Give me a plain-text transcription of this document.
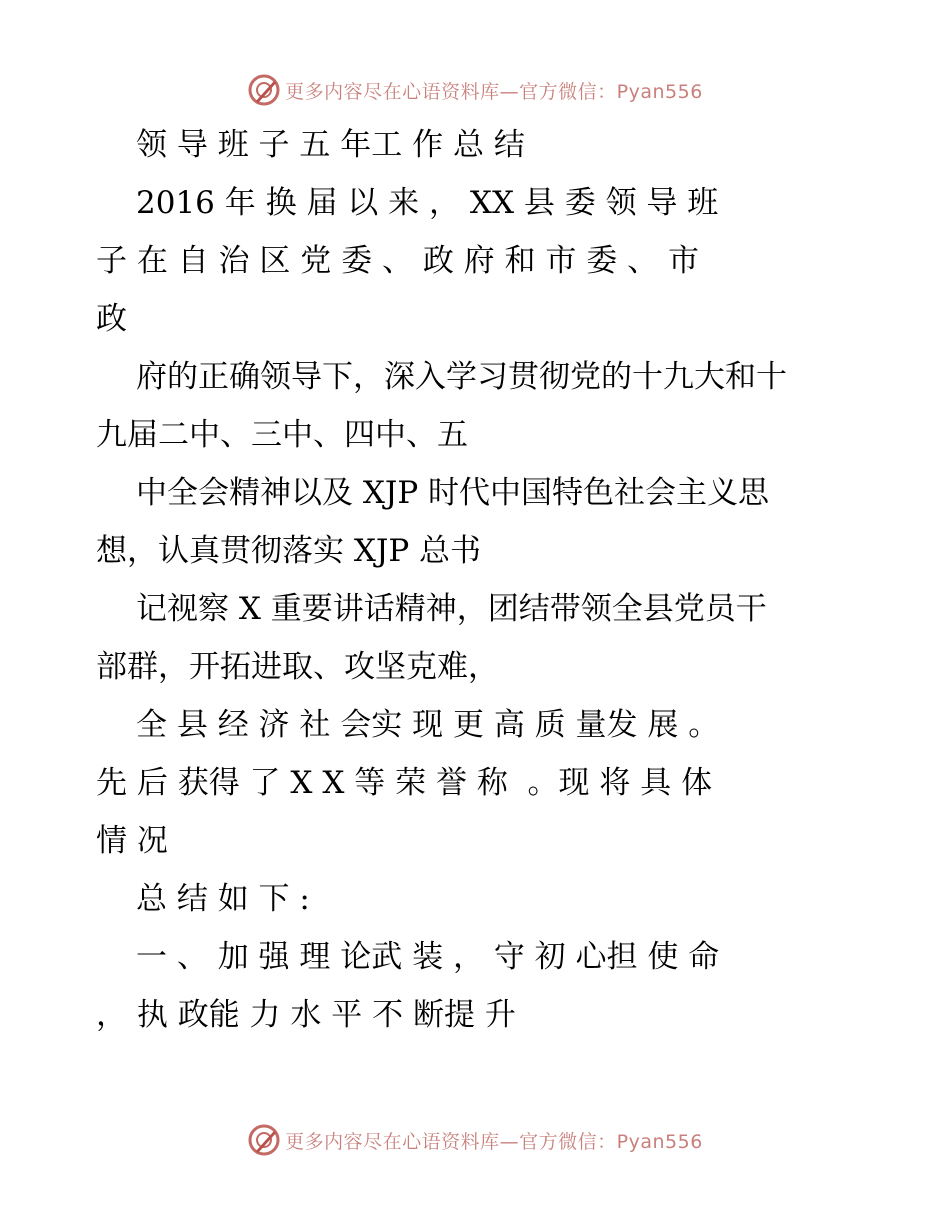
更多内容尽在心语资料库—官方微信：Pyan556
领 导 班 子 五 年工 作 总 结
2016 年 换 届 以 来 ， XX 县 委 领 导 班
子 在 自 治 区 党 委 、 政 府 和 市 委 、 市
政
府的正确领导下，深入学习贯彻党的十九大和十
九届二中、三中、四中、五
中全会精神以及 XJP 时代中国特色社会主义思
想，认真贯彻落实 XJP 总书
记视察 X 重要讲话精神，团结带领全县党员干
部群，开拓进取、攻坚克难，
全 县 经 济 社 会实 现 更 高 质 量发 展 。
先 后 获得 了 X X 等 荣 誉 称  。现 将 具 体
情 况
总 结 如 下 :
一 、 加 强 理 论武 装 ， 守 初 心担 使 命
， 执 政能 力 水 平 不 断提 升
更多内容尽在心语资料库—官方微信：Pyan556
